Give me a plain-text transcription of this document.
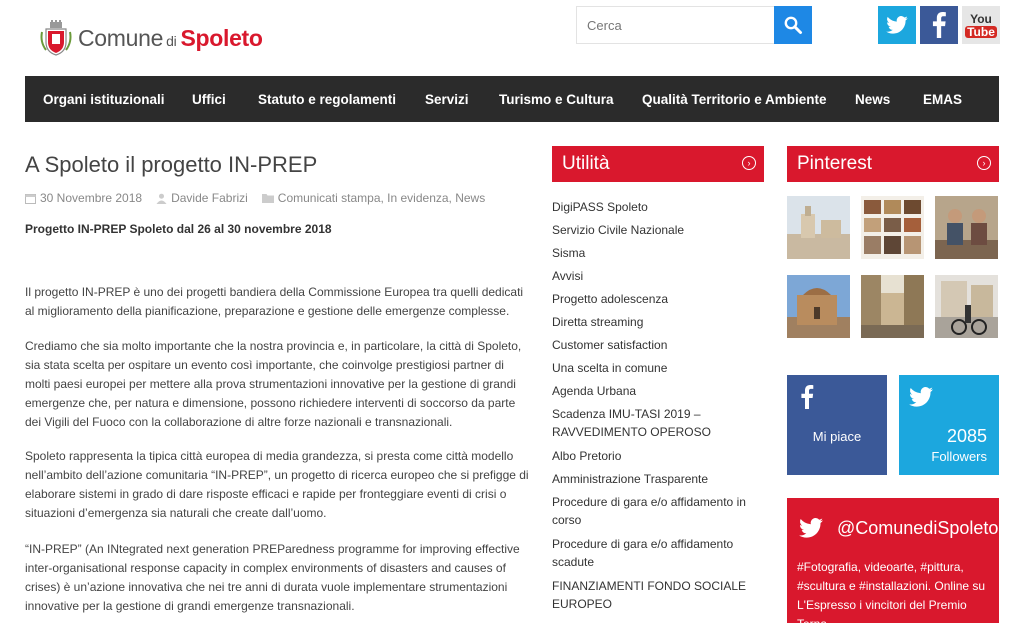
Comune di Spoleto
Cerca
You
Tube
Organi istituzionali Uffici Statuto e regolamenti Servizi Turismo e Cultura Qualità Territorio e Ambiente News EMAS
A Spoleto il progetto IN-PREP
30 Novembre 2018 Davide Fabrizi	Comunicati stampa, In evidenza, News
Progetto IN-PREP Spoleto dal 26 al 30 novembre 2018

Il progetto IN-PREP è uno dei progetti bandiera della Commissione Europea tra quelli dedicati al miglioramento della pianificazione, preparazione e gestione delle emergenze complesse.

Crediamo che sia molto importante che la nostra provincia e, in particolare, la città di Spoleto, sia stata scelta per ospitare un evento così importante, che coinvolge prestigiosi partner di molti paesi europei per mettere alla prova strumentazioni innovative per la gestione di grandi emergenze che, per natura e dimensione, possono richiedere interventi di soccorso da parte dei Vigili del Fuoco con la collaborazione di altre forze nazionali e transnazionali.

Spoleto rappresenta la tipica città europea di media grandezza, si presta come città modello nell’ambito dell’azione comunitaria “IN-PREP”, un progetto di ricerca europeo che si prefigge di elaborare sistemi in grado di dare risposte efficaci e rapide per fronteggiare eventi di crisi o situazioni d’emergenza sia naturali che create dall’uomo.

“IN-PREP” (An INtegrated next generation PREParedness programme for improving effective inter-organisational response capacity in complex environments of disasters and causes of crises) è un’azione innovativa che nei tre anni di durata vuole implementare strumentazioni innovative per la gestione di grandi emergenze transnazionali.

Utilità	›
DigiPASS Spoleto
Servizio Civile Nazionale
Sisma
Avvisi
Progetto adolescenza
Diretta streaming
Customer satisfaction
Una scelta in comune
Agenda Urbana
Scadenza IMU-TASI 2019 – RAVVEDIMENTO OPEROSO
Albo Pretorio
Amministrazione Trasparente
Procedure di gara e/o affidamento in corso
Procedure di gara e/o affidamento scadute
FINANZIAMENTI FONDO SOCIALE EUROPEO
Pinterest	›
Mi piace	2085
Followers
@ComunediSpoleto
#Fotografia, videoarte, #pittura, #scultura e #installazioni. Online su L'Espresso i vincitori del Premio Terna
